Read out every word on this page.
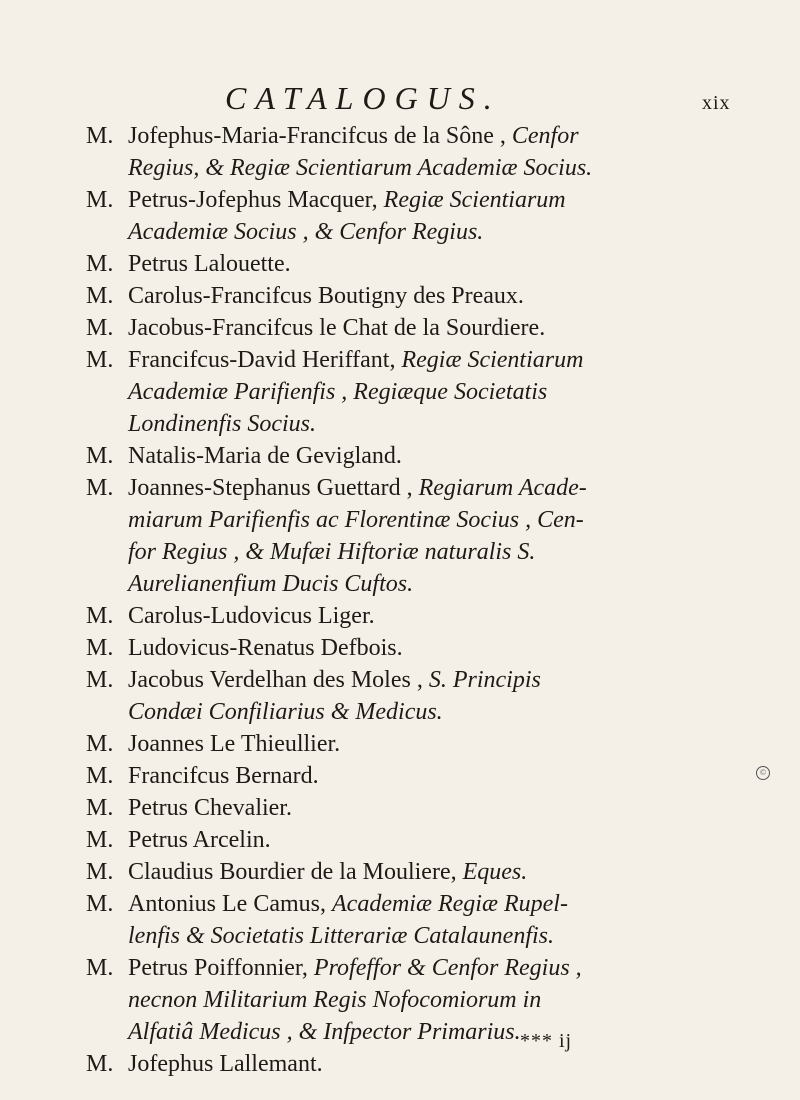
CATALOGUS.	xix
M. Jofephus-Maria-Francifcus de la Sône , Cenfor
Regius, & Regiæ Scientiarum Academiæ Socius.
M. Petrus-Jofephus Macquer, Regiæ Scientiarum
Academiæ Socius , & Cenfor Regius.
M. Petrus Lalouette.
M. Carolus-Francifcus Boutigny des Preaux.
M. Jacobus-Francifcus le Chat de la Sourdiere.
M. Francifcus-David Heriffant, Regiæ Scientiarum
Academiæ Parifienfis , Regiæque Societatis
Londinenfis Socius.
M. Natalis-Maria de Gevigland.
M. Joannes-Stephanus Guettard , Regiarum Acade-
miarum Parifienfis ac Florentinæ Socius , Cen-
for Regius , & Mufæi Hiftoriæ naturalis S.
Aurelianenfium Ducis Cuftos.
M. Carolus-Ludovicus Liger.
M. Ludovicus-Renatus Defbois.
M. Jacobus Verdelhan des Moles , S. Principis
Condæi Confiliarius & Medicus.
M. Joannes Le Thieullier.
M. Francifcus Bernard.
M. Petrus Chevalier.
M. Petrus Arcelin.
M. Claudius Bourdier de la Mouliere, Eques.
M. Antonius Le Camus, Academiæ Regiæ Rupel-
lenfis & Societatis Litterariæ Catalaunenfis.
M. Petrus Poiffonnier, Profeffor & Cenfor Regius ,
necnon Militarium Regis Nofocomiorum in
Alfatiâ Medicus , & Infpector Primarius.
M. Jofephus Lallemant.
*** ij
©
